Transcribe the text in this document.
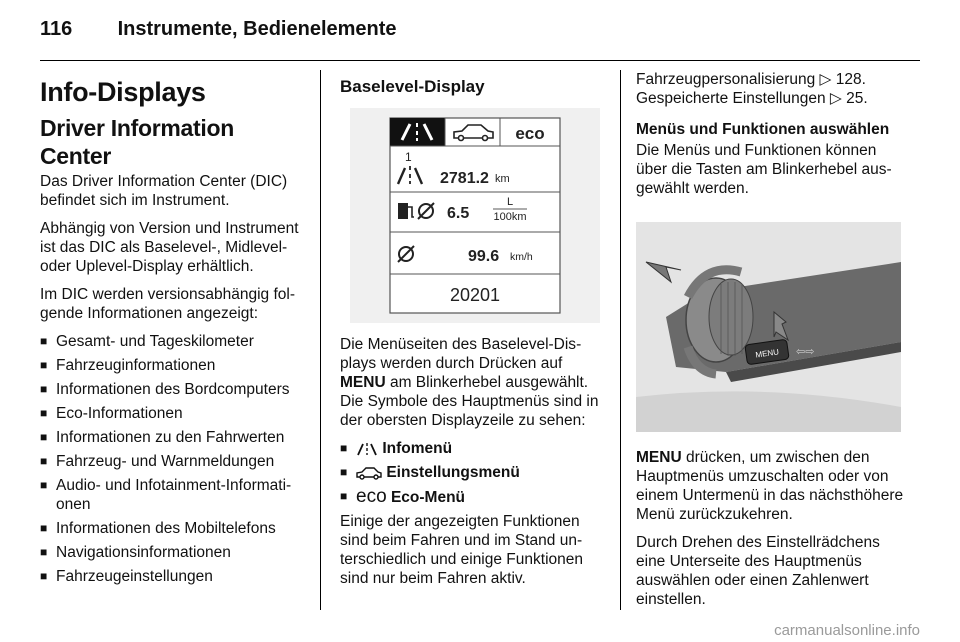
116 Instrumente, Bedienelemente
Info-Displays
Driver Information Center

Das Driver Information Center (DIC) befindet sich im Instrument.

Abhängig von Version und Instrument ist das DIC als Baselevel-, Midlevel- oder Uplevel-Display erhältlich.

Im DIC werden versionsabhängig folgende Informationen angezeigt:

■ Gesamt- und Tageskilometer
■ Fahrzeuginformationen
■ Informationen des Bordcomputers
■ Eco-Informationen
■ Informationen zu den Fahrwerten
■ Fahrzeug- und Warnmeldungen
■ Audio- und Infotainment-Informationen
■ Informationen des Mobiltelefons
■ Navigationsinformationen
■ Fahrzeugeinstellungen
Baselevel-Display
eco
1
2781.2 km
6.5
L
100km
99.6 km/h
20201

Die Menüseiten des Baselevel-Displays werden durch Drücken auf MENU am Blinkerhebel ausgewählt. Die Symbole des Hauptmenüs sind in der obersten Displayzeile zu sehen:

■ Infomenü
■ Einstellungsmenü
■ eco Eco-Menü

Einige der angezeigten Funktionen sind beim Fahren und im Stand unterschiedlich und einige Funktionen sind nur beim Fahren aktiv.

Fahrzeugpersonalisierung ▷ 128.
Gespeicherte Einstellungen ▷ 25.

Menüs und Funktionen auswählen

Die Menüs und Funktionen können über die Tasten am Blinkerhebel ausgewählt werden.

MENU ⇦⇨

MENU drücken, um zwischen den Hauptmenüs umzuschalten oder von einem Untermenü in das nächsthöhere Menü zurückzukehren.

Durch Drehen des Einstellrädchens eine Unterseite des Hauptmenüs auswählen oder einen Zahlenwert einstellen.

carmanualsonline.info
